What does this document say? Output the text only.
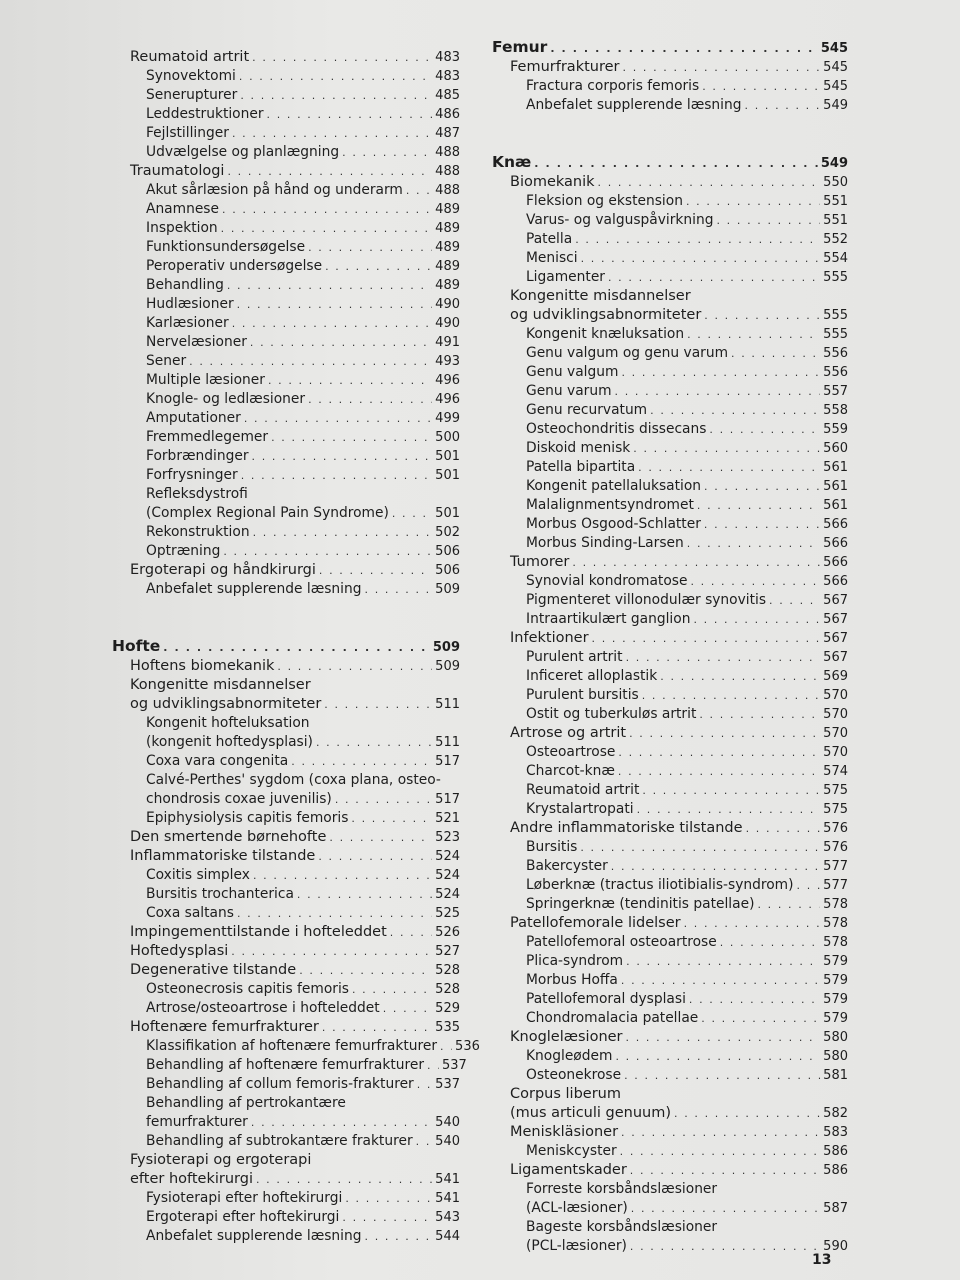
Reumatoid artrit . . .	483
Synovektomi . . .	483
Senerupturer . . .	485
Leddestruktioner . . .	486
Fejlstillinger . . .	487
Udvælgelse og planlægning . . .	488
Traumatologi . . .	488
Akut sårlæsion på hånd og underarm . . . 488
Anamnese . . .	489
Inspektion . . .	489
Funktionsundersøgelse . . .	489
Peroperativ undersøgelse . . .	489
Behandling . . .	489
Hudlæsioner . . .	490
Karlæsioner . . .	490
Nervelæsioner . . .	491
Sener . . .	493
Multiple læsioner . . .	496
Knogle- og ledlæsioner . . .	496
Amputationer . . .	499
Fremmedlegemer . . .	500
Forbrændinger . . .	501
Forfrysninger . . .	501
Refleksdystrofi
(Complex Regional Pain Syndrome) . . .	501
Rekonstruktion . . .	502
Optræning . . .	506
Ergoterapi og håndkirurgi . . .	506
Anbefalet supplerende læsning . . .	509
Hofte . . .	509
Hoftens biomekanik . . .	509
Kongenitte misdannelser
og udviklingsabnormiteter . . .	511
Kongenit hofteluksation
(kongenit hoftedysplasi) . . .	511
Coxa vara congenita . . .	517
Calvé-Perthes' sygdom (coxa plana, osteo-
chondrosis coxae juvenilis) . . .	517
Epiphysiolysis capitis femoris . . .	521
Den smertende børnehofte . . .	523
Inflammatoriske tilstande . . .	524
Coxitis simplex . . .	524
Bursitis trochanterica . . .	524
Coxa saltans . . .	525
Impingementtilstande i hofteleddet . . .	526
Hoftedysplasi . . .	527
Degenerative tilstande . . .	528
Osteonecrosis capitis femoris . . .	528
Artrose/osteoartrose i hofteleddet . . .	529
Hoftenære femurfrakturer . . .	535
Klassifikation af hoftenære femurfrakturer . . . 536
Behandling af hoftenære femurfrakturer . . . 537
Behandling af collum femoris-frakturer . . . 537
Behandling af pertrokantære
femurfrakturer . . .	540
Behandling af subtrokantære frakturer . . . 540
Fysioterapi og ergoterapi
efter hoftekirurgi . . .	541
Fysioterapi efter hoftekirurgi . . .	541
Ergoterapi efter hoftekirurgi . . .	543
Anbefalet supplerende læsning . . .	544
Femur . . .	545
Femurfrakturer . . .	545
Fractura corporis femoris . . .	545
Anbefalet supplerende læsning . . .	549
Knæ . . .	549
Biomekanik . . .	550
Fleksion og ekstension . . .	551
Varus- og valguspåvirkning . . .	551
Patella . . .	552
Menisci . . .	554
Ligamenter . . .	555
Kongenitte misdannelser
og udviklingsabnormiteter . . .	555
Kongenit knæluksation . . .	555
Genu valgum og genu varum . . .	556
Genu valgum . . .	556
Genu varum . . .	557
Genu recurvatum . . .	558
Osteochondritis dissecans . . .	559
Diskoid menisk . . .	560
Patella bipartita . . .	561
Kongenit patellaluksation . . .	561
Malalignmentsyndromet . . .	561
Morbus Osgood-Schlatter . . .	566
Morbus Sinding-Larsen . . .	566
Tumorer . . .	566
Synovial kondromatose . . .	566
Pigmenteret villonodulær synovitis . . .	567
Intraartikulært ganglion . . .	567
Infektioner . . .	567
Purulent artrit . . .	567
Inficeret alloplastik . . .	569
Purulent bursitis . . .	570
Ostit og tuberkuløs artrit . . .	570
Artrose og artrit . . .	570
Osteoartrose . . .	570
Charcot-knæ . . .	574
Reumatoid artrit . . .	575
Krystalartropati . . .	575
Andre inflammatoriske tilstande . . .	576
Bursitis . . .	576
Bakercyster . . .	577
Løberknæ (tractus iliotibialis-syndrom) . . . 577
Springerknæ (tendinitis patellae) . . .	578
Patellofemorale lidelser . . .	578
Patellofemoral osteoartrose . . .	578
Plica-syndrom . . .	579
Morbus Hoffa . . .	579
Patellofemoral dysplasi . . .	579
Chondromalacia patellae . . .	579
Knoglelæsioner . . .	580
Knogleødem . . .	580
Osteonekrose . . .	581
Corpus liberum
(mus articuli genuum) . . .	582
Meniskläsioner . . .	583
Meniskcyster . . .	586
Ligamentskader . . .	586
Forreste korsbåndslæsioner
(ACL-læsioner) . . .	587
Bageste korsbåndslæsioner
(PCL-læsioner) . . .	590
13
